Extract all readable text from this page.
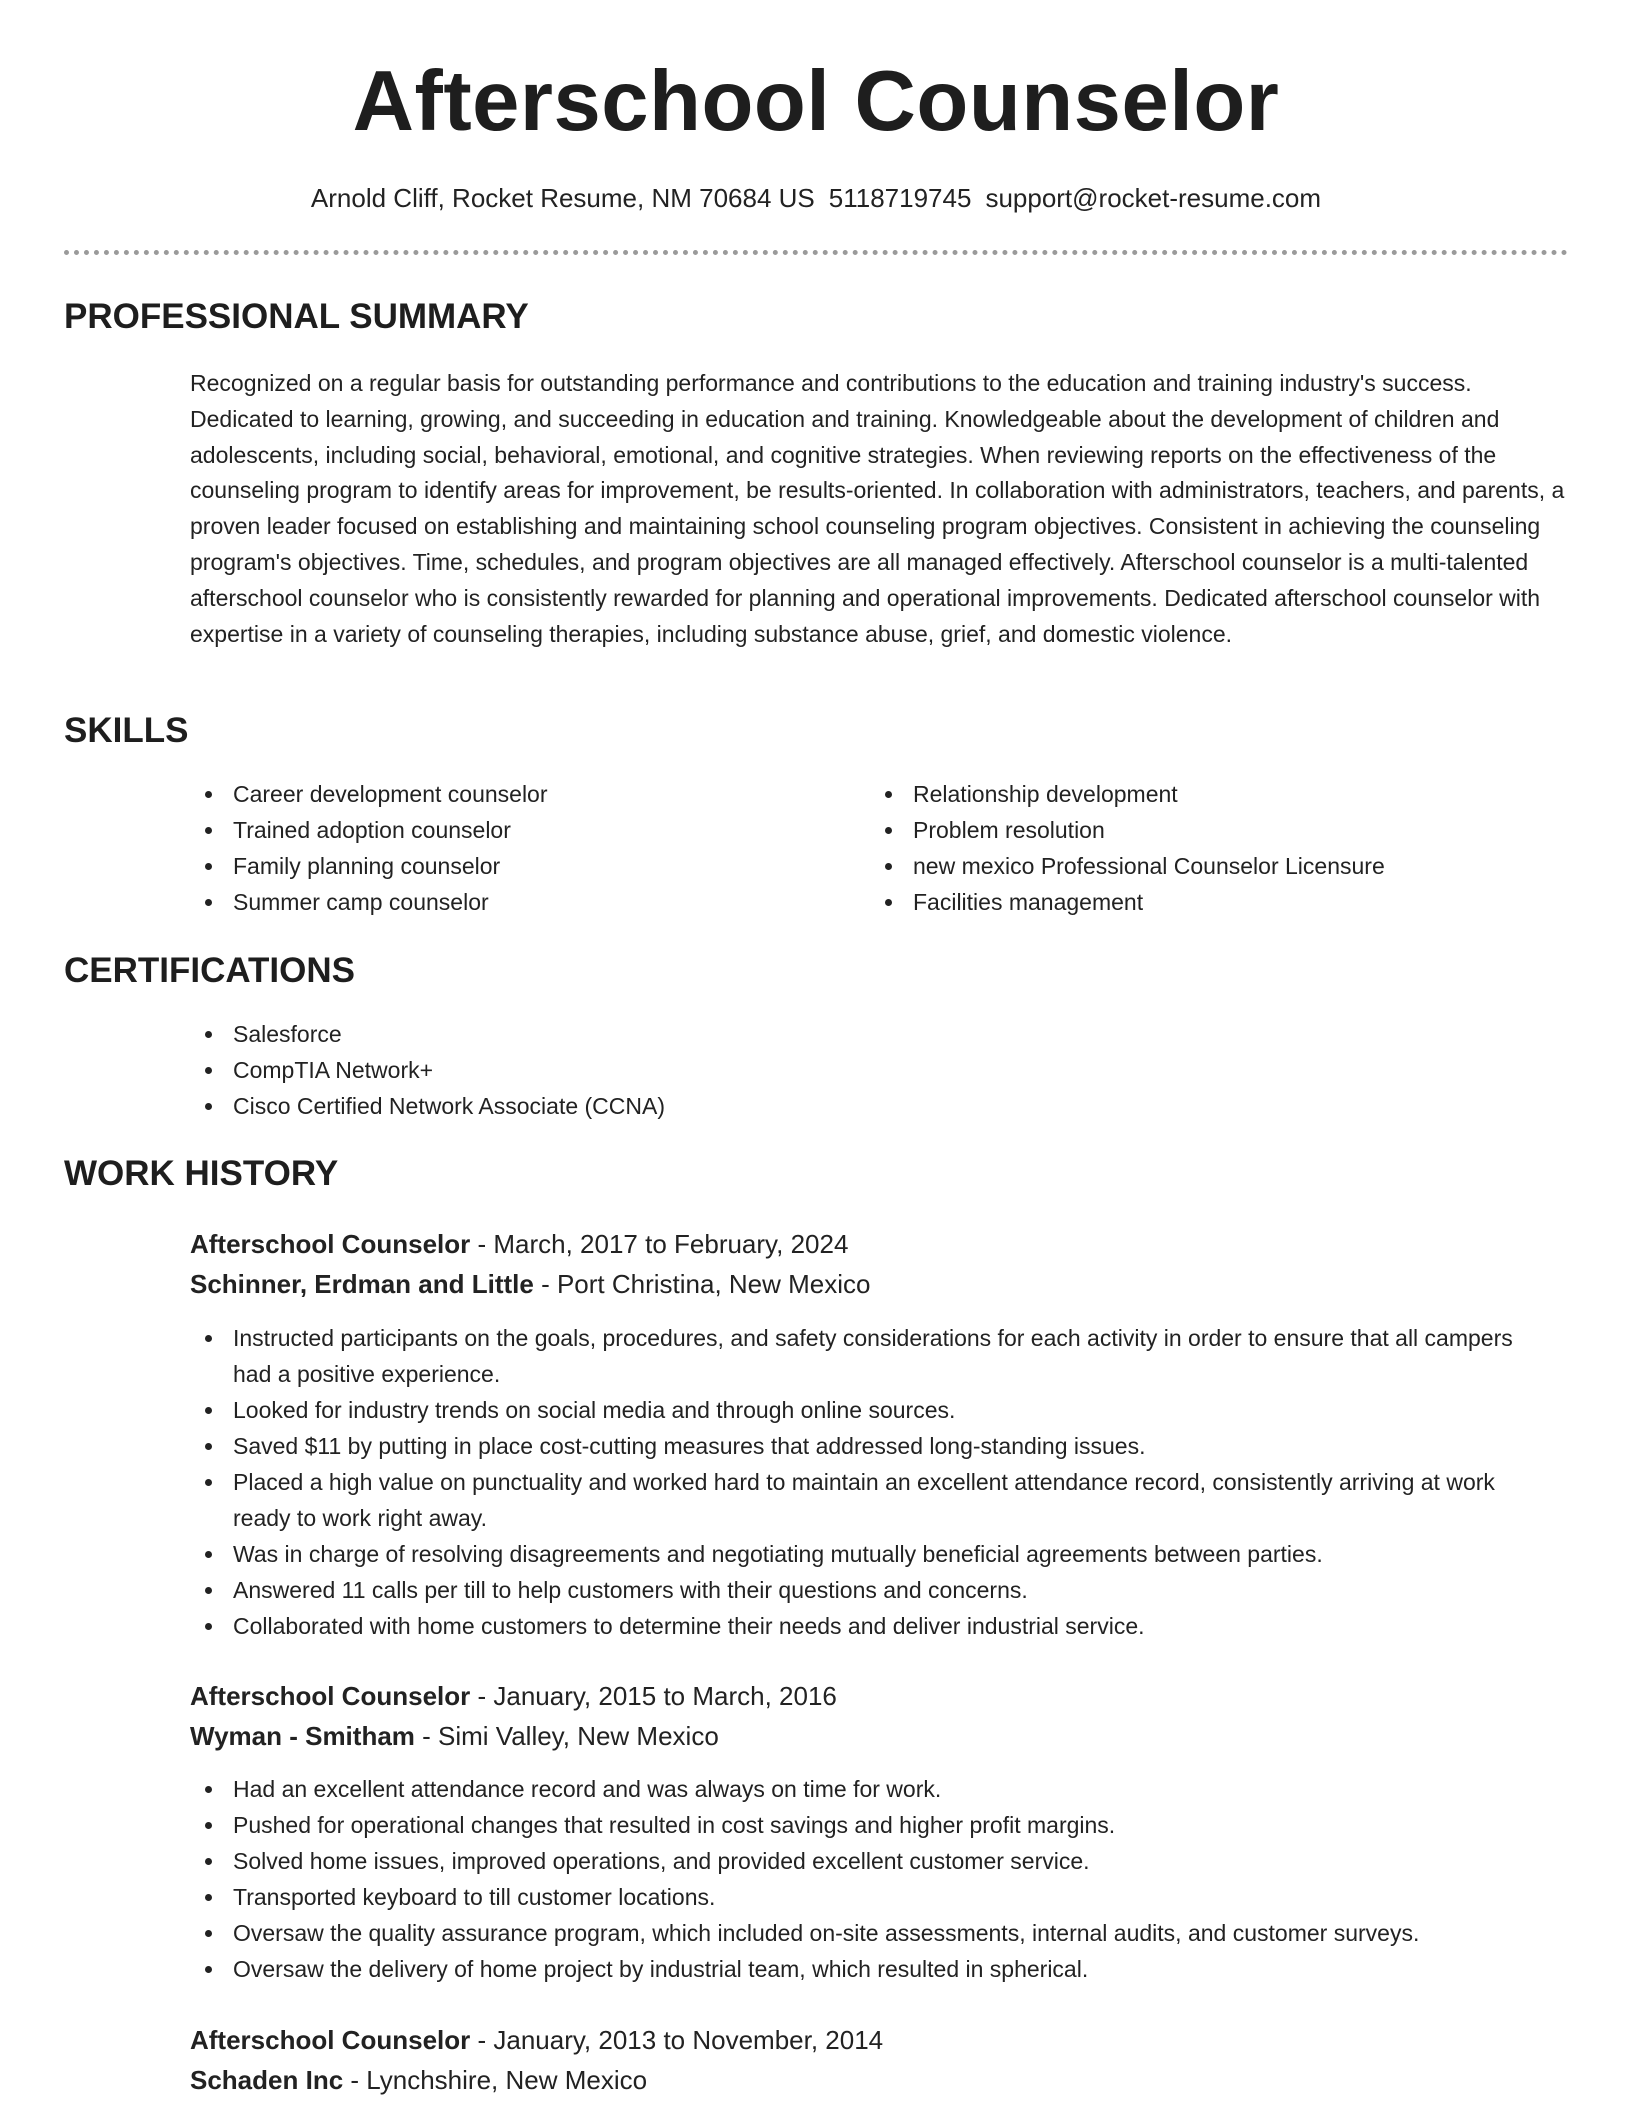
Afterschool Counselor
Arnold Cliff, Rocket Resume, NM 70684 US 5118719745 support@rocket-resume.com
PROFESSIONAL SUMMARY

Recognized on a regular basis for outstanding performance and contributions to the education and training industry's success. Dedicated to learning, growing, and succeeding in education and training. Knowledgeable about the development of children and adolescents, including social, behavioral, emotional, and cognitive strategies. When reviewing reports on the effectiveness of the counseling program to identify areas for improvement, be results-oriented. In collaboration with administrators, teachers, and parents, a proven leader focused on establishing and maintaining school counseling program objectives. Consistent in achieving the counseling program's objectives. Time, schedules, and program objectives are all managed effectively. Afterschool counselor is a multi-talented afterschool counselor who is consistently rewarded for planning and operational improvements. Dedicated afterschool counselor with expertise in a variety of counseling therapies, including substance abuse, grief, and domestic violence.

SKILLS
Career development counselor
Trained adoption counselor
Family planning counselor
Summer camp counselor
Relationship development
Problem resolution
new mexico Professional Counselor Licensure
Facilities management
CERTIFICATIONS
Salesforce
CompTIA Network+
Cisco Certified Network Associate (CCNA)
WORK HISTORY

Afterschool Counselor - March, 2017 to February, 2024

Schinner, Erdman and Little - Port Christina, New Mexico

Instructed participants on the goals, procedures, and safety considerations for each activity in order to ensure that all campers had a positive experience.
Looked for industry trends on social media and through online sources.
Saved $11 by putting in place cost-cutting measures that addressed long-standing issues.
Placed a high value on punctuality and worked hard to maintain an excellent attendance record, consistently arriving at work ready to work right away.
Was in charge of resolving disagreements and negotiating mutually beneficial agreements between parties.
Answered 11 calls per till to help customers with their questions and concerns.
Collaborated with home customers to determine their needs and deliver industrial service.

Afterschool Counselor - January, 2015 to March, 2016

Wyman - Smitham - Simi Valley, New Mexico

Had an excellent attendance record and was always on time for work.
Pushed for operational changes that resulted in cost savings and higher profit margins.
Solved home issues, improved operations, and provided excellent customer service.
Transported keyboard to till customer locations.
Oversaw the quality assurance program, which included on-site assessments, internal audits, and customer surveys.
Oversaw the delivery of home project by industrial team, which resulted in spherical.

Afterschool Counselor - January, 2013 to November, 2014

Schaden Inc - Lynchshire, New Mexico
